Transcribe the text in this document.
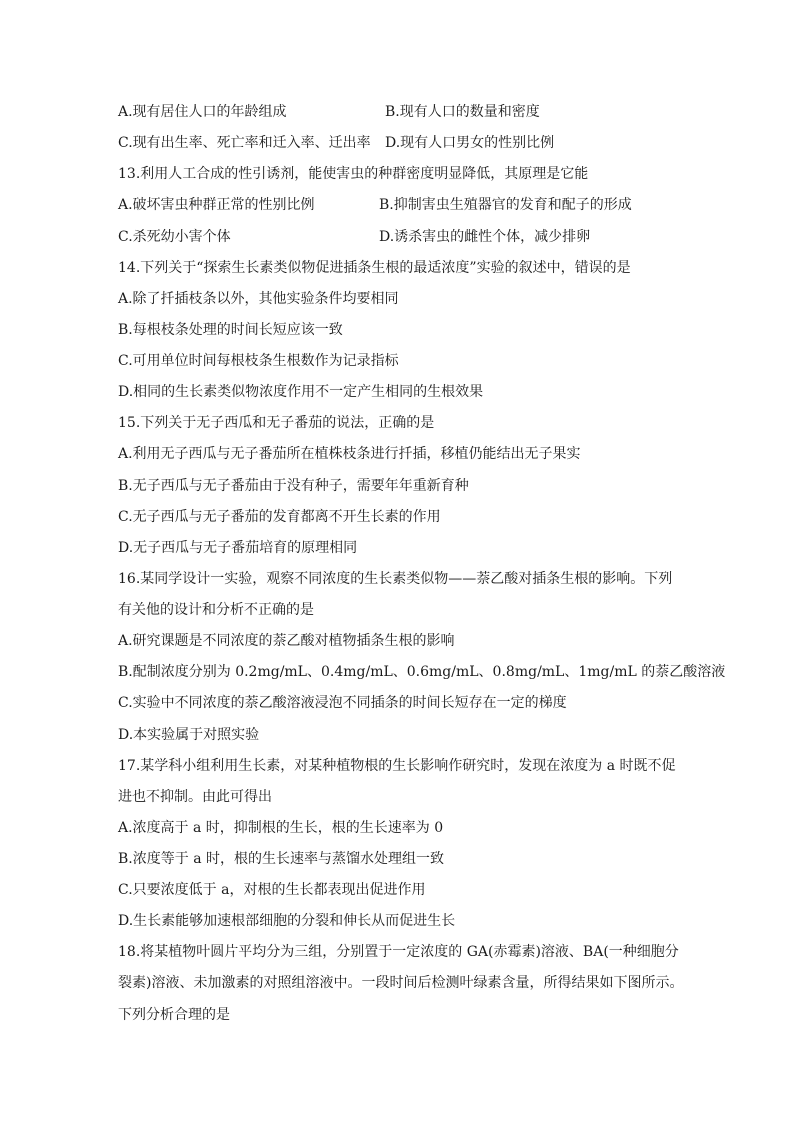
A.现有居住人口的年龄组成	B.现有人口的数量和密度
C.现有出生率、死亡率和迁入率、迁出率 D.现有人口男女的性别比例
13.利用人工合成的性引诱剂，能使害虫的种群密度明显降低，其原理是它能
A.破坏害虫种群正常的性别比例	B.抑制害虫生殖器官的发育和配子的形成
C.杀死幼小害个体	D.诱杀害虫的雌性个体，减少排卵
14.下列关于“探索生长素类似物促进插条生根的最适浓度”实验的叙述中，错误的是
A.除了扦插枝条以外，其他实验条件均要相同
B.每根枝条处理的时间长短应该一致
C.可用单位时间每根枝条生根数作为记录指标
D.相同的生长素类似物浓度作用不一定产生相同的生根效果
15.下列关于无子西瓜和无子番茄的说法，正确的是
A.利用无子西瓜与无子番茄所在植株枝条进行扦插，移植仍能结出无子果实
B.无子西瓜与无子番茄由于没有种子，需要年年重新育种
C.无子西瓜与无子番茄的发育都离不开生长素的作用
D.无子西瓜与无子番茄培育的原理相同
16.某同学设计一实验，观察不同浓度的生长素类似物——萘乙酸对插条生根的影响。下列
有关他的设计和分析不正确的是
A.研究课题是不同浓度的萘乙酸对植物插条生根的影响
B.配制浓度分别为 0.2mg/mL、0.4mg/mL、0.6mg/mL、0.8mg/mL、1mg/mL 的萘乙酸溶液
C.实验中不同浓度的萘乙酸溶液浸泡不同插条的时间长短存在一定的梯度
D.本实验属于对照实验
17.某学科小组利用生长素，对某种植物根的生长影响作研究时，发现在浓度为 a 时既不促
进也不抑制。由此可得出
A.浓度高于 a 时，抑制根的生长，根的生长速率为 0
B.浓度等于 a 时，根的生长速率与蒸馏水处理组一致
C.只要浓度低于 a，对根的生长都表现出促进作用
D.生长素能够加速根部细胞的分裂和伸长从而促进生长
18.将某植物叶圆片平均分为三组，分别置于一定浓度的 GA(赤霉素)溶液、BA(一种细胞分
裂素)溶液、未加激素的对照组溶液中。一段时间后检测叶绿素含量，所得结果如下图所示。
下列分析合理的是
